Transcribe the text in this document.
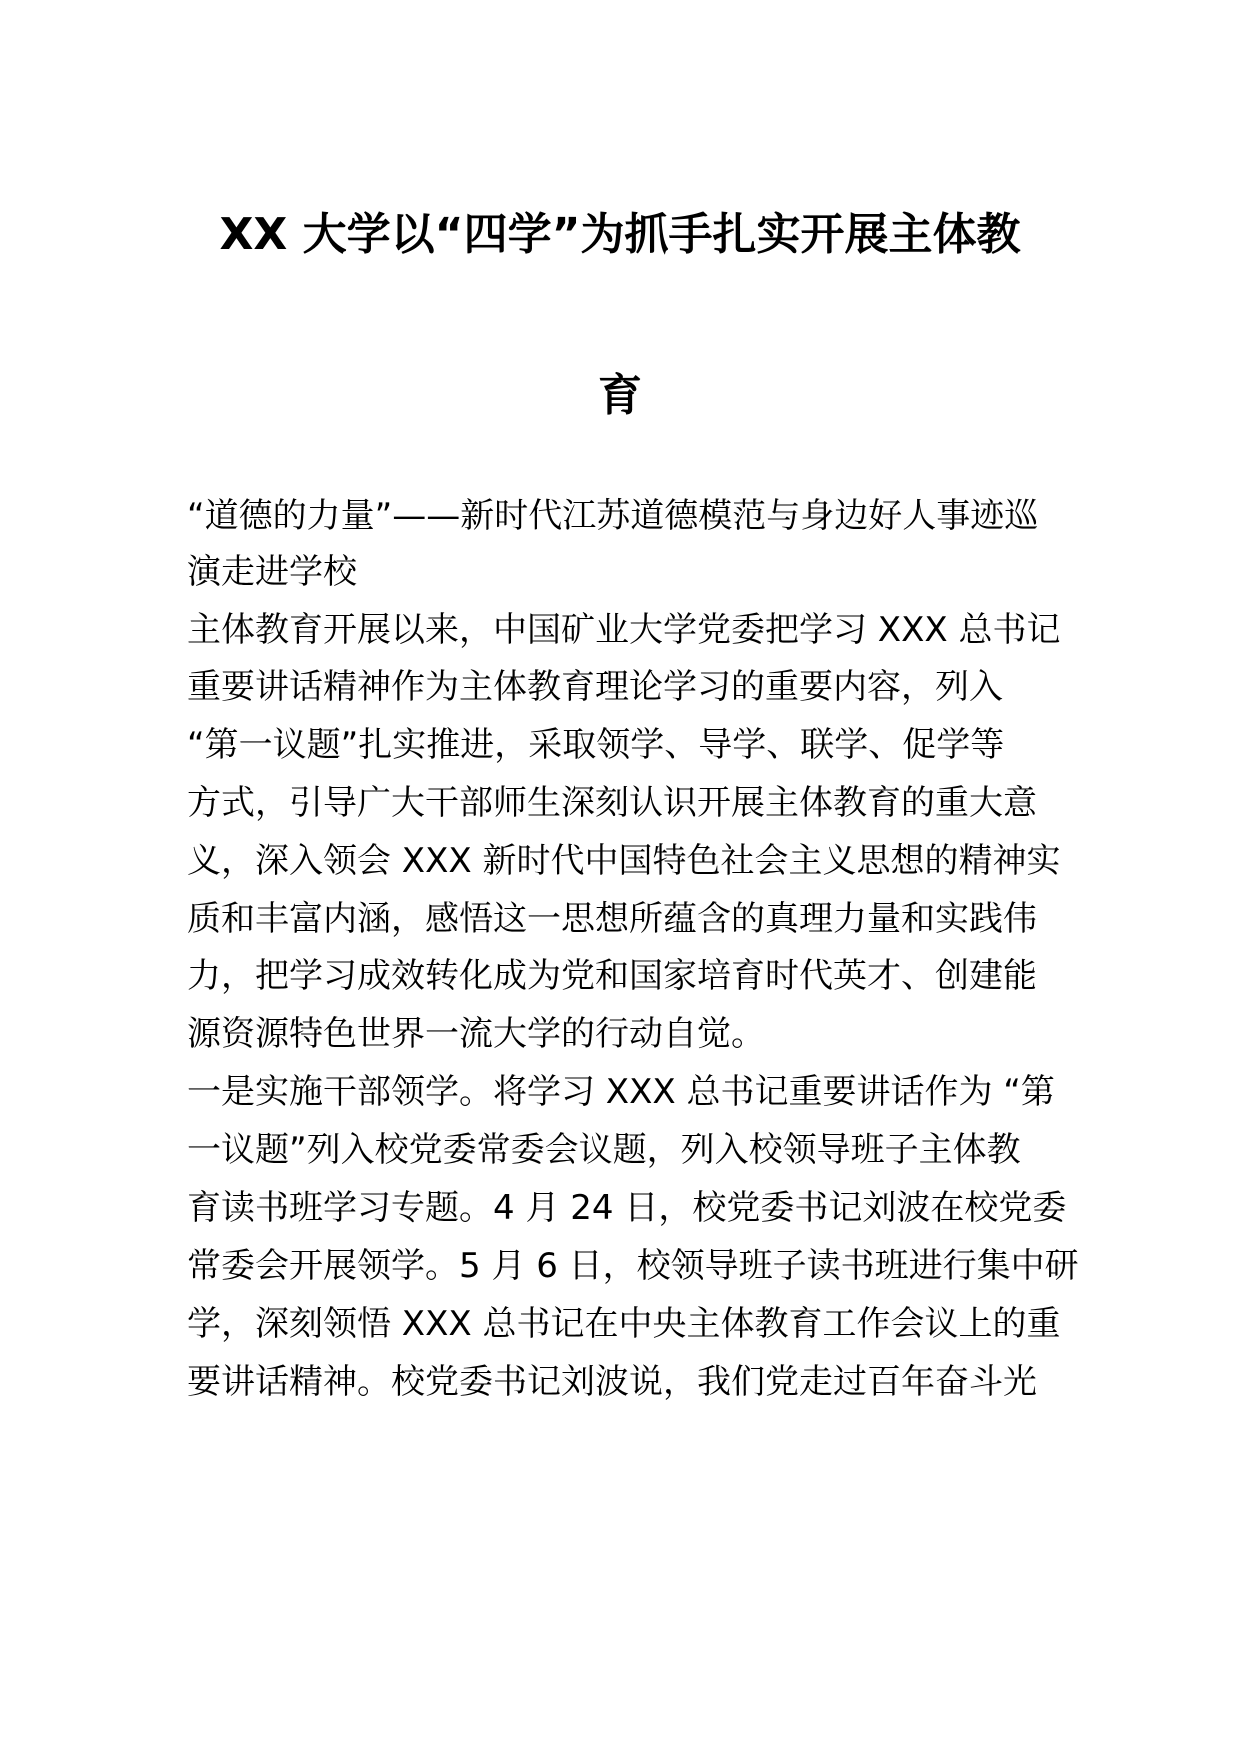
XX 大学以“四学”为抓手扎实开展主体教
育
“道德的力量”——新时代江苏道德模范与身边好人事迹巡
演走进学校
主体教育开展以来，中国矿业大学党委把学习 XXX 总书记
重要讲话精神作为主体教育理论学习的重要内容，列入
“第一议题”扎实推进，采取领学、导学、联学、促学等
方式，引导广大干部师生深刻认识开展主体教育的重大意
义，深入领会 XXX 新时代中国特色社会主义思想的精神实
质和丰富内涵，感悟这一思想所蕴含的真理力量和实践伟
力，把学习成效转化成为党和国家培育时代英才、创建能
源资源特色世界一流大学的行动自觉。
一是实施干部领学。将学习 XXX 总书记重要讲话作为 “第
一议题”列入校党委常委会议题，列入校领导班子主体教
育读书班学习专题。4 月 24 日，校党委书记刘波在校党委
常委会开展领学。5 月 6 日，校领导班子读书班进行集中研
学，深刻领悟 XXX 总书记在中央主体教育工作会议上的重
要讲话精神。校党委书记刘波说，我们党走过百年奋斗光
